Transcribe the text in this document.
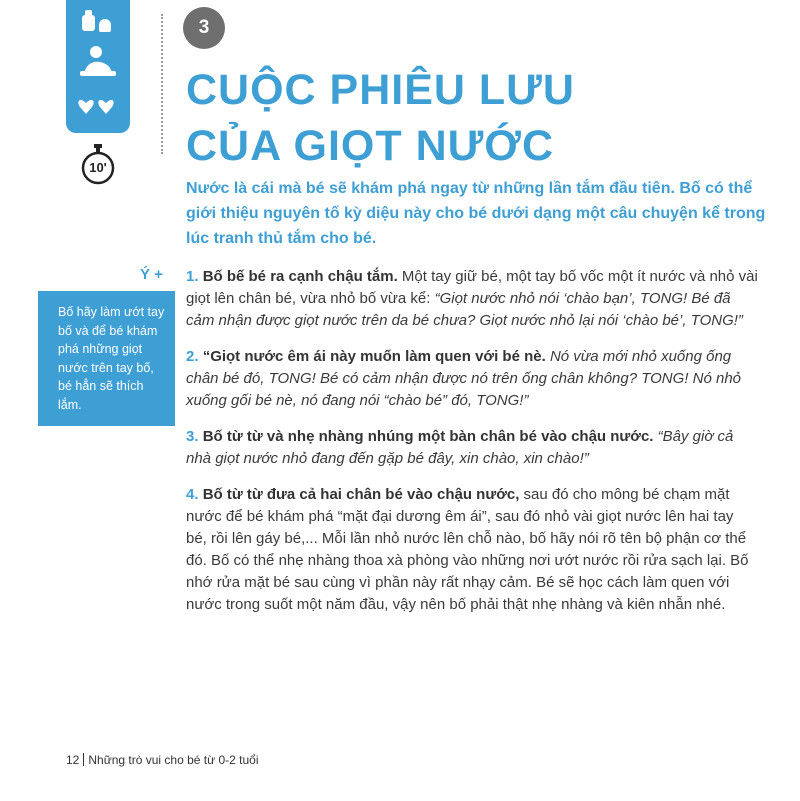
10'
3
CUỘC PHIÊU LƯU
CỦA GIỌT NƯỚC

Nước là cái mà bé sẽ khám phá ngay từ những lần tắm đầu tiên. Bố có thể giới thiệu nguyên tố kỳ diệu này cho bé dưới dạng một câu chuyện kể trong lúc tranh thủ tắm cho bé.

Ý +
Bố hãy làm ướt tay bố và để bé khám phá những giọt nước trên tay bố, bé hẳn sẽ thích lắm.

1. Bố bế bé ra cạnh chậu tắm. Một tay giữ bé, một tay bố vốc một ít nước và nhỏ vài giọt lên chân bé, vừa nhỏ bố vừa kể: “Giọt nước nhỏ nói ‘chào bạn’, TONG! Bé đã cảm nhận được giọt nước trên da bé chưa? Giọt nước nhỏ lại nói ‘chào bé’, TONG!”

2. “Giọt nước êm ái này muốn làm quen với bé nè. Nó vừa mới nhỏ xuống ống chân bé đó, TONG! Bé có cảm nhận được nó trên ống chân không? TONG! Nó nhỏ xuống gối bé nè, nó đang nói “chào bé” đó, TONG!”

3. Bố từ từ và nhẹ nhàng nhúng một bàn chân bé vào chậu nước. “Bây giờ cả nhà giọt nước nhỏ đang đến gặp bé đây, xin chào, xin chào!”

4. Bố từ từ đưa cả hai chân bé vào chậu nước, sau đó cho mông bé chạm mặt nước để bé khám phá “mặt đại dương êm ái”, sau đó nhỏ vài giọt nước lên hai tay bé, rồi lên gáy bé,... Mỗi lần nhỏ nước lên chỗ nào, bố hãy nói rõ tên bộ phận cơ thể đó. Bố có thể nhẹ nhàng thoa xà phòng vào những nơi ướt nước rồi rửa sạch lại. Bố nhớ rửa mặt bé sau cùng vì phần này rất nhạy cảm. Bé sẽ học cách làm quen với nước trong suốt một năm đầu, vậy nên bố phải thật nhẹ nhàng và kiên nhẫn nhé.

12 Những trò vui cho bé từ 0-2 tuổi
